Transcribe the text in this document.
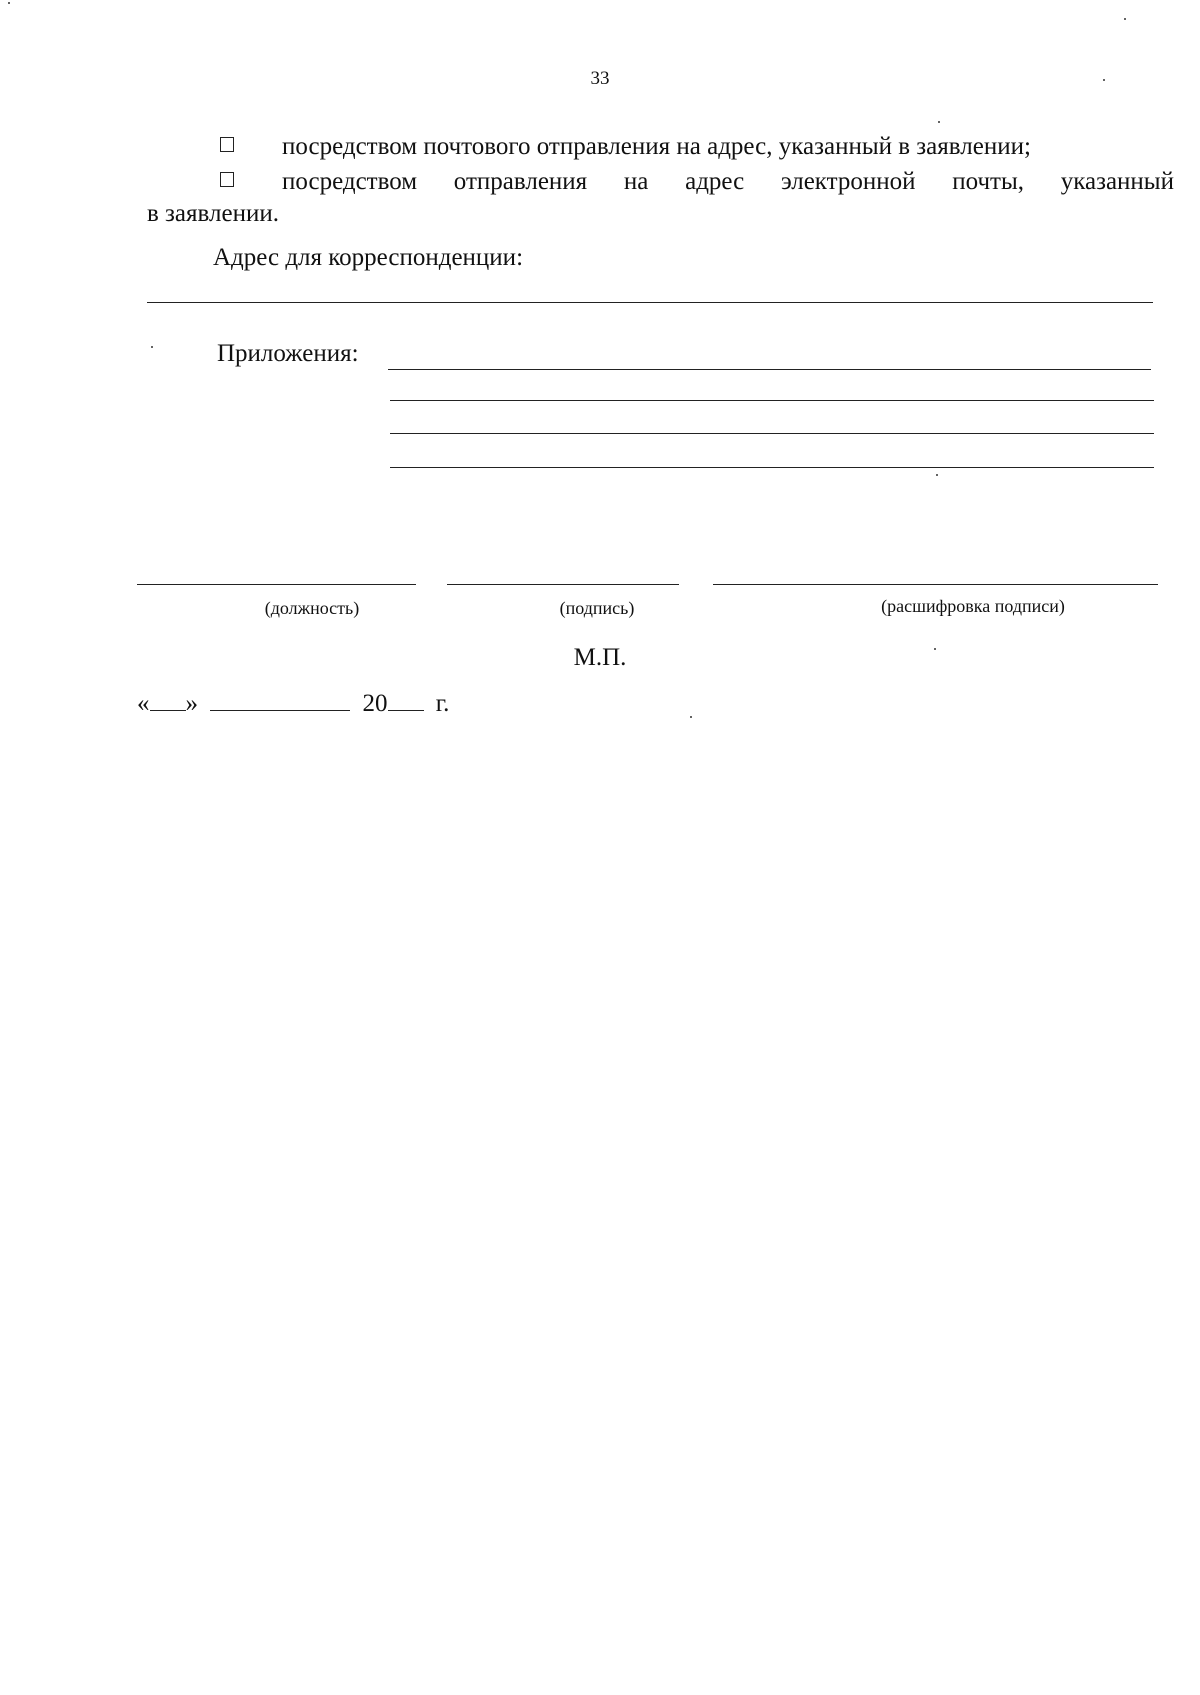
33
посредством почтового отправления на адрес, указанный в заявлении;
посредством отправления на адрес электронной почты, указанный
в заявлении.
Адрес для корреспонденции:
Приложения:
(должность)	(подпись)	(расшифровка подписи)
М.П.
« »	20 г.
